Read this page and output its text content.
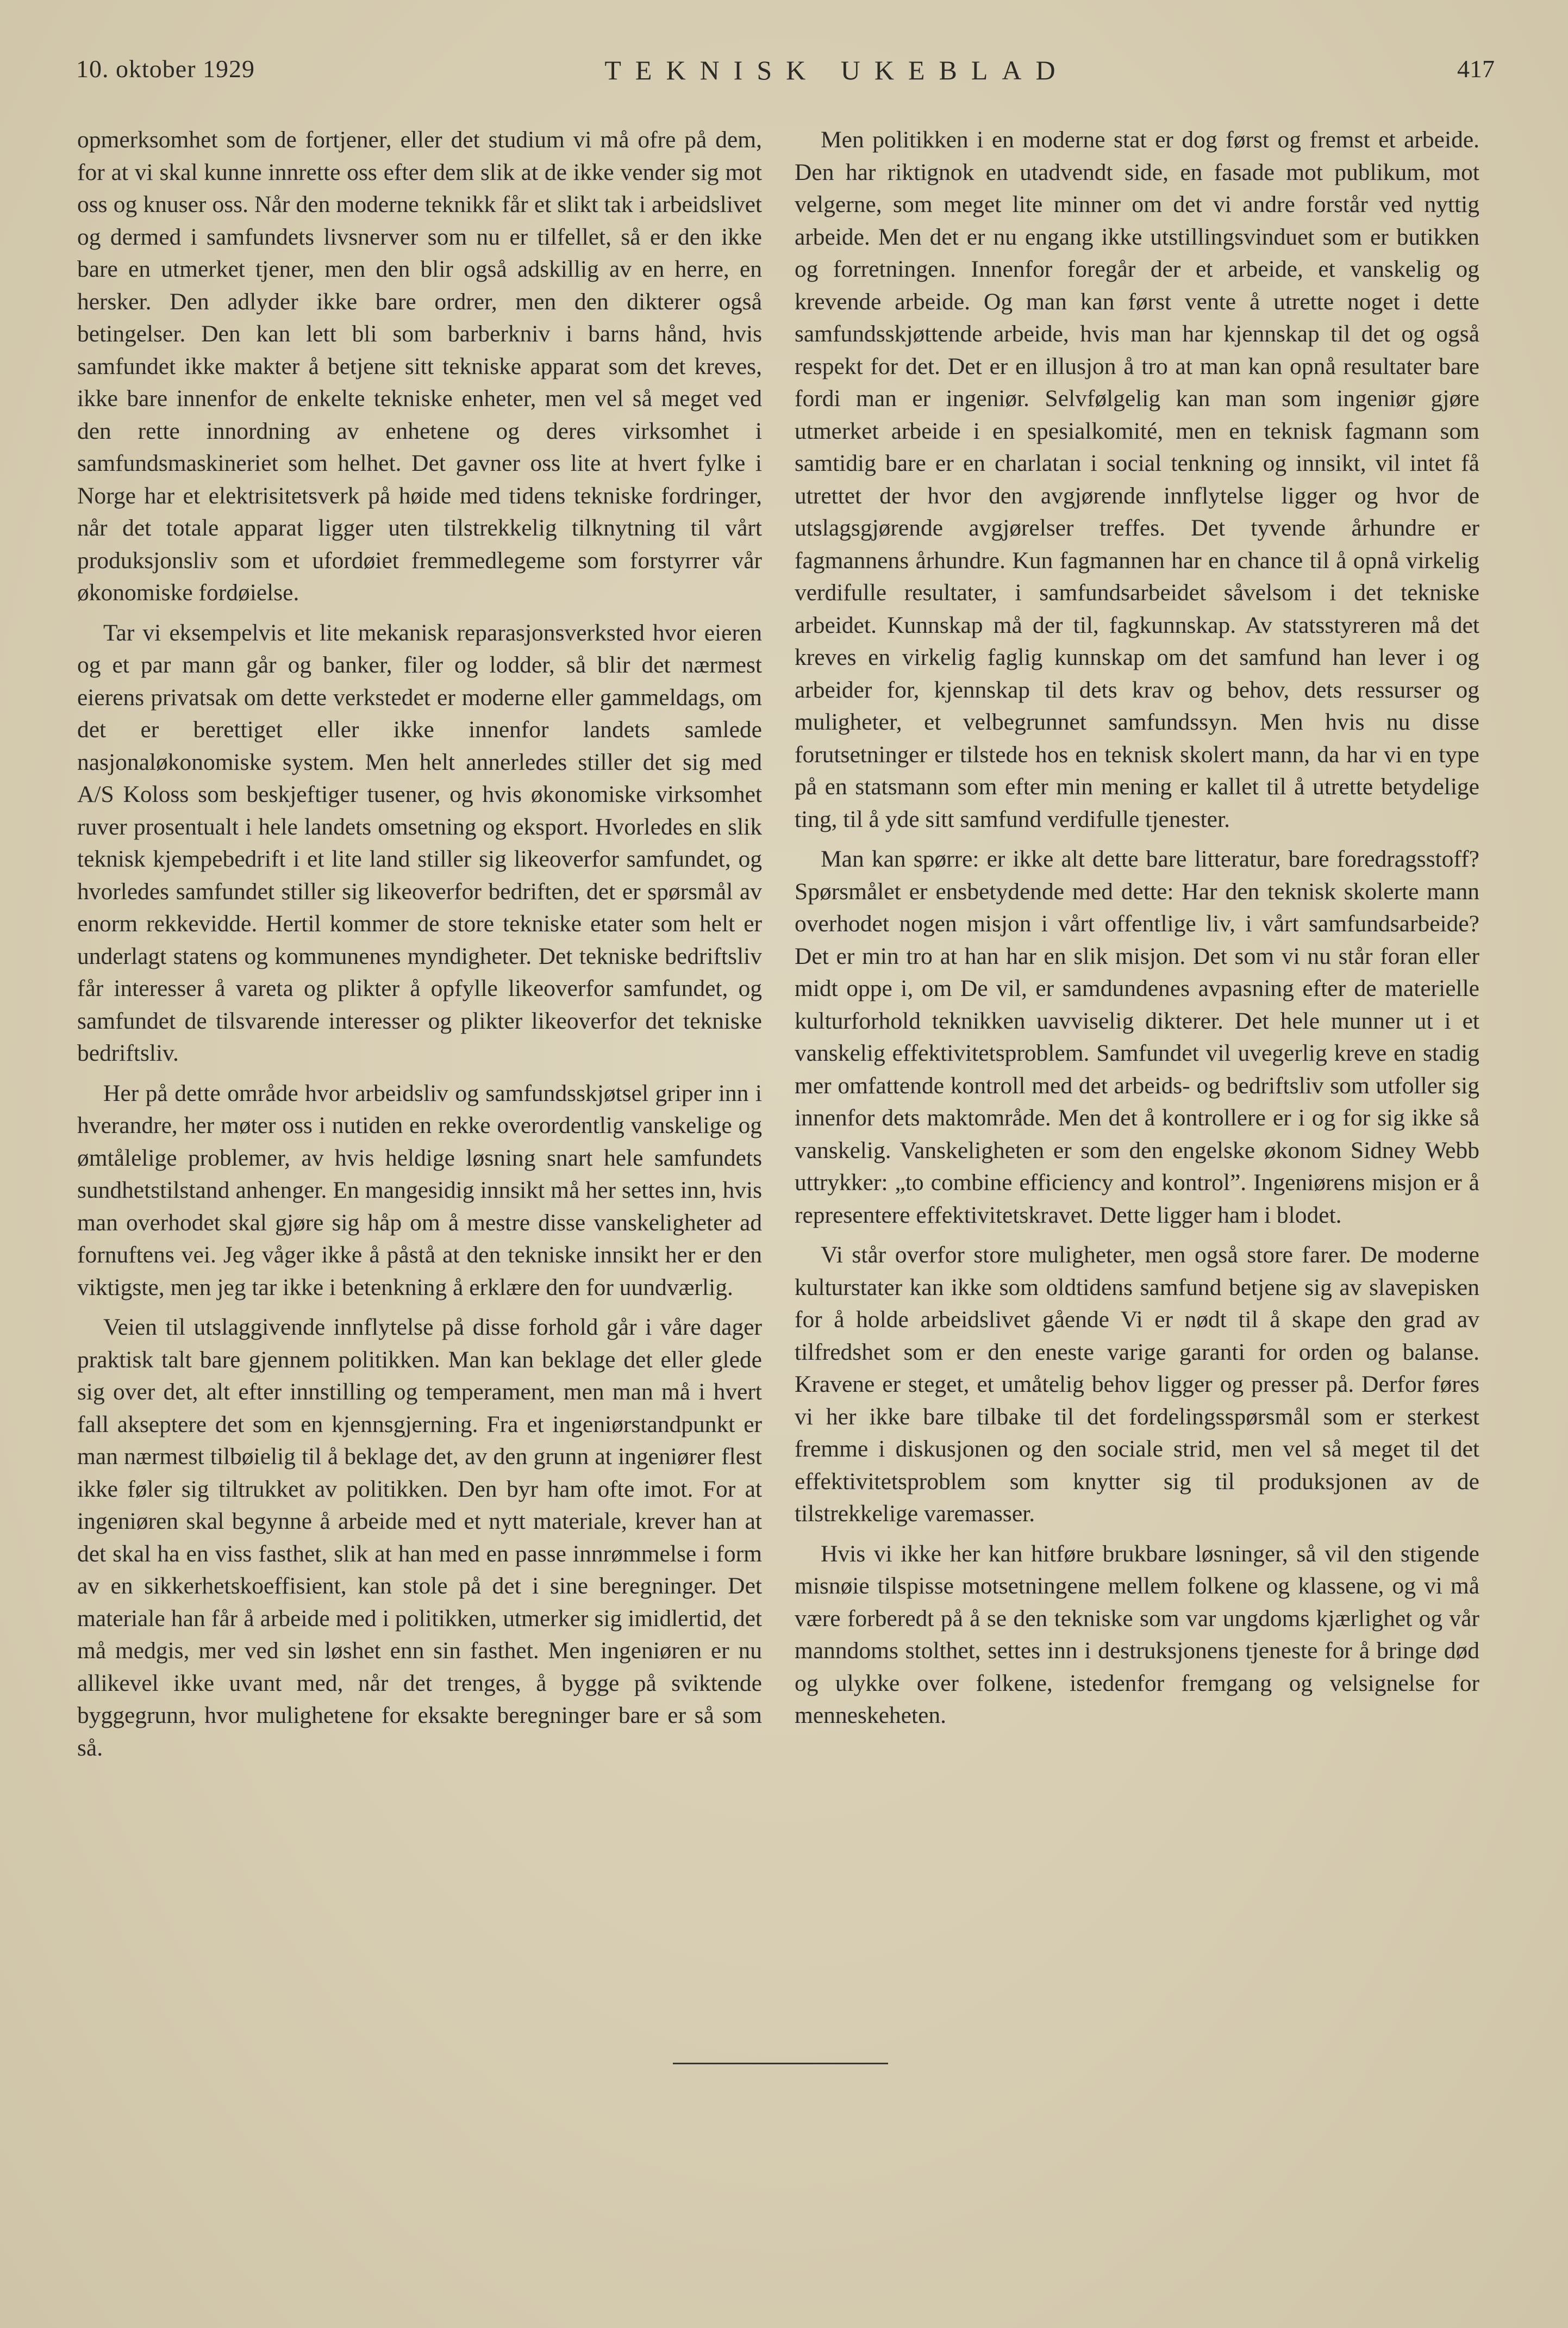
10. oktober 1929	TEKNISK UKEBLAD	417

opmerksomhet som de fortjener, eller det studium vi må ofre på dem, for at vi skal kunne innrette oss efter dem slik at de ikke vender sig mot oss og knuser oss. Når den moderne teknikk får et slikt tak i arbeidslivet og dermed i samfundets livsnerver som nu er tilfellet, så er den ikke bare en utmerket tjener, men den blir også adskillig av en herre, en hersker. Den adlyder ikke bare ordrer, men den dikterer også betingelser. Den kan lett bli som barberkniv i barns hånd, hvis samfundet ikke makter å betjene sitt tekniske apparat som det kreves, ikke bare innenfor de enkelte tekniske enheter, men vel så meget ved den rette innordning av enhetene og deres virksomhet i samfundsmaskineriet som helhet. Det gavner oss lite at hvert fylke i Norge har et elektrisitetsverk på høide med tidens tekniske fordringer, når det totale apparat ligger uten tilstrekkelig tilknytning til vårt produksjonsliv som et ufordøiet fremmedlegeme som forstyrrer vår økonomiske fordøielse.

Tar vi eksempelvis et lite mekanisk reparasjonsverksted hvor eieren og et par mann går og banker, filer og lodder, så blir det nærmest eierens privatsak om dette verkstedet er moderne eller gammeldags, om det er berettiget eller ikke innenfor landets samlede nasjonaløkonomiske system. Men helt annerledes stiller det sig med A/S Koloss som beskjeftiger tusener, og hvis økonomiske virksomhet ruver prosentualt i hele landets omsetning og eksport. Hvorledes en slik teknisk kjempebedrift i et lite land stiller sig likeoverfor samfundet, og hvorledes samfundet stiller sig likeoverfor bedriften, det er spørsmål av enorm rekkevidde. Hertil kommer de store tekniske etater som helt er underlagt statens og kommunenes myndigheter. Det tekniske bedriftsliv får interesser å vareta og plikter å opfylle likeoverfor samfundet, og samfundet de tilsvarende interesser og plikter likeoverfor det tekniske bedriftsliv.

Her på dette område hvor arbeidsliv og samfundsskjøtsel griper inn i hverandre, her møter oss i nutiden en rekke overordentlig vanskelige og ømtålelige problemer, av hvis heldige løsning snart hele samfundets sundhetstilstand anhenger. En mangesidig innsikt må her settes inn, hvis man overhodet skal gjøre sig håp om å mestre disse vanskeligheter ad fornuftens vei. Jeg våger ikke å påstå at den tekniske innsikt her er den viktigste, men jeg tar ikke i betenkning å erklære den for uundværlig.

Veien til utslaggivende innflytelse på disse forhold går i våre dager praktisk talt bare gjennem politikken. Man kan beklage det eller glede sig over det, alt efter innstilling og temperament, men man må i hvert fall akseptere det som en kjennsgjerning. Fra et ingeniørstandpunkt er man nærmest tilbøielig til å beklage det, av den grunn at ingeniører flest ikke føler sig tiltrukket av politikken. Den byr ham ofte imot. For at ingeniøren skal begynne å arbeide med et nytt materiale, krever han at det skal ha en viss fasthet, slik at han med en passe innrømmelse i form av en sikkerhetskoeffisient, kan stole på det i sine beregninger. Det materiale han får å arbeide med i politikken, utmerker sig imidlertid, det må medgis, mer ved sin løshet enn sin fasthet. Men ingeniøren er nu allikevel ikke uvant med, når det trenges, å bygge på sviktende byggegrunn, hvor mulighetene for eksakte beregninger bare er så som så.

Men politikken i en moderne stat er dog først og fremst et arbeide. Den har riktignok en utadvendt side, en fasade mot publikum, mot velgerne, som meget lite minner om det vi andre forstår ved nyttig arbeide. Men det er nu engang ikke utstillingsvinduet som er butikken og forretningen. Innenfor foregår der et arbeide, et vanskelig og krevende arbeide. Og man kan først vente å utrette noget i dette samfundsskjøttende arbeide, hvis man har kjennskap til det og også respekt for det. Det er en illusjon å tro at man kan opnå resultater bare fordi man er ingeniør. Selvfølgelig kan man som ingeniør gjøre utmerket arbeide i en spesialkomité, men en teknisk fagmann som samtidig bare er en charlatan i social tenkning og innsikt, vil intet få utrettet der hvor den avgjørende innflytelse ligger og hvor de utslagsgjørende avgjørelser treffes. Det tyvende århundre er fagmannens århundre. Kun fagmannen har en chance til å opnå virkelig verdifulle resultater, i samfundsarbeidet såvelsom i det tekniske arbeidet. Kunnskap må der til, fagkunnskap. Av statsstyreren må det kreves en virkelig faglig kunnskap om det samfund han lever i og arbeider for, kjennskap til dets krav og behov, dets ressurser og muligheter, et velbegrunnet samfundssyn. Men hvis nu disse forutsetninger er tilstede hos en teknisk skolert mann, da har vi en type på en statsmann som efter min mening er kallet til å utrette betydelige ting, til å yde sitt samfund verdifulle tjenester.

Man kan spørre: er ikke alt dette bare litteratur, bare foredragsstoff? Spørsmålet er ensbetydende med dette: Har den teknisk skolerte mann overhodet nogen misjon i vårt offentlige liv, i vårt samfundsarbeide? Det er min tro at han har en slik misjon. Det som vi nu står foran eller midt oppe i, om De vil, er samdundenes avpasning efter de materielle kulturforhold teknikken uavviselig dikterer. Det hele munner ut i et vanskelig effektivitetsproblem. Samfundet vil uvegerlig kreve en stadig mer omfattende kontroll med det arbeids- og bedriftsliv som utfoller sig innenfor dets maktområde. Men det å kontrollere er i og for sig ikke så vanskelig. Vanskeligheten er som den engelske økonom Sidney Webb uttrykker: „to combine efficiency and kontrol”. Ingeniørens misjon er å representere effektivitetskravet. Dette ligger ham i blodet.

Vi står overfor store muligheter, men også store farer. De moderne kulturstater kan ikke som oldtidens samfund betjene sig av slavepisken for å holde arbeidslivet gående Vi er nødt til å skape den grad av tilfredshet som er den eneste varige garanti for orden og balanse. Kravene er steget, et umåtelig behov ligger og presser på. Derfor føres vi her ikke bare tilbake til det fordelingsspørsmål som er sterkest fremme i diskusjonen og den sociale strid, men vel så meget til det effektivitetsproblem som knytter sig til produksjonen av de tilstrekkelige varemasser.

Hvis vi ikke her kan hitføre brukbare løsninger, så vil den stigende misnøie tilspisse motsetningene mellem folkene og klassene, og vi må være forberedt på å se den tekniske som var ungdoms kjærlighet og vår manndoms stolthet, settes inn i destruksjonens tjeneste for å bringe død og ulykke over folkene, istedenfor fremgang og velsignelse for menneskeheten.
